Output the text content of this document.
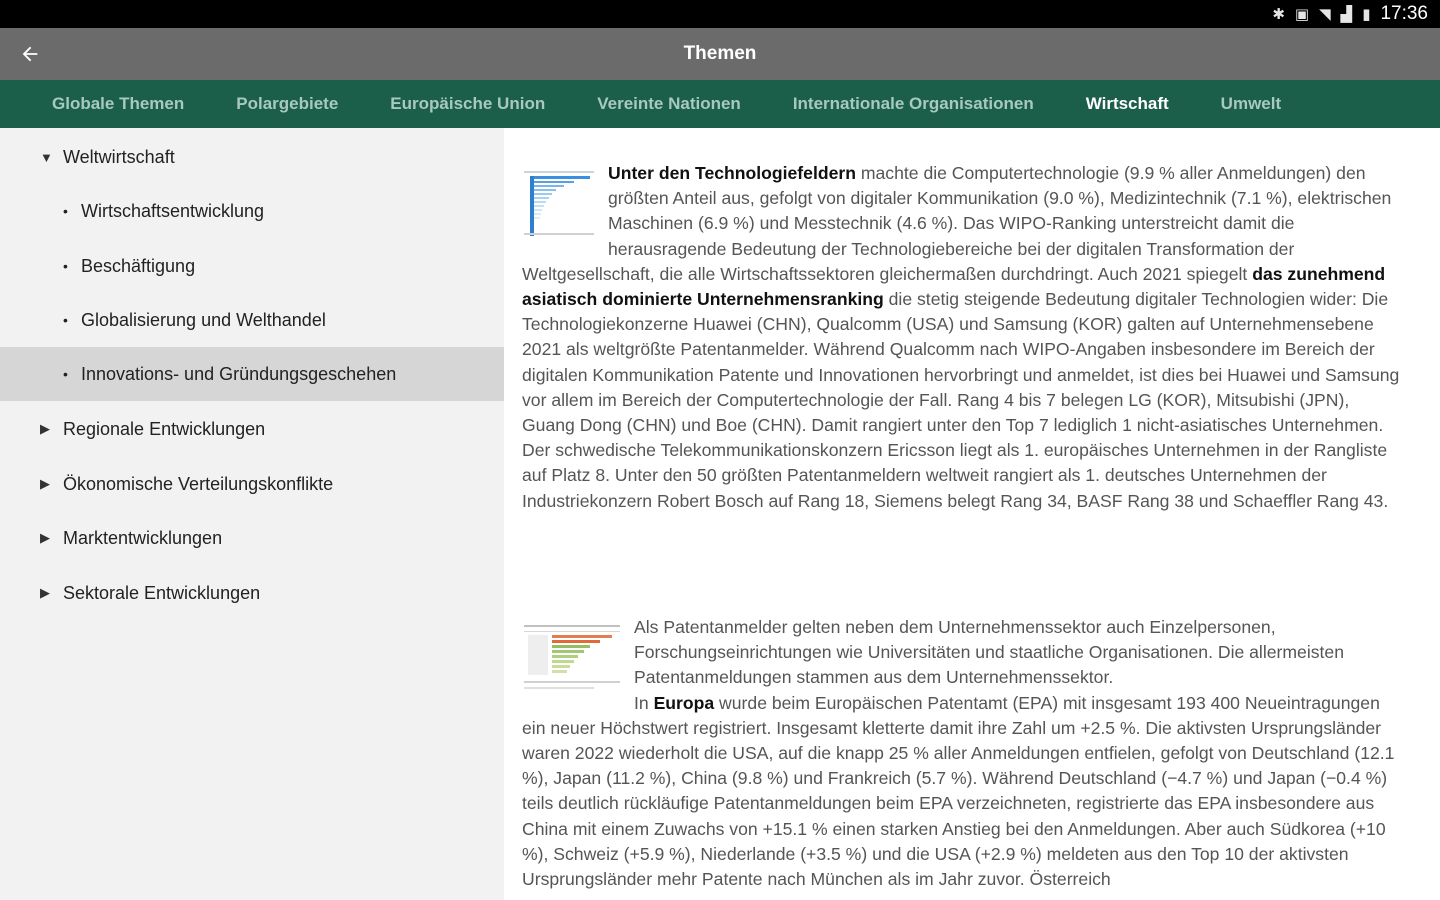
✱ ▣ ◥ ▟ ▮ 17:36
Themen
Globale Themen	Polargebiete	Europäische Union	Vereinte Nationen	Internationale Organisationen	Wirtschaft	Umwelt
▼ Weltwirtschaft
• Wirtschaftsentwicklung
• Beschäftigung
• Globalisierung und Welthandel
• Innovations- und Gründungsgeschehen
▶ Regionale Entwicklungen
▶ Ökonomische Verteilungskonflikte
▶ Marktentwicklungen
▶ Sektorale Entwicklungen
Unter den Technologiefeldern machte die Computertechnologie (9.9 % aller Anmeldungen) den größten Anteil aus, gefolgt von digitaler Kommunikation (9.0 %), Medizintechnik (7.1 %), elektrischen Maschinen (6.9 %) und Messtechnik (4.6 %). Das WIPO-Ranking unterstreicht damit die herausragende Bedeutung der Technologiebereiche bei der digitalen Transformation der Weltgesellschaft, die alle Wirtschaftssektoren gleichermaßen durchdringt. Auch 2021 spiegelt das zunehmend asiatisch dominierte Unternehmensranking die stetig steigende Bedeutung digitaler Technologien wider: Die Technologiekonzerne Huawei (CHN), Qualcomm (USA) und Samsung (KOR) galten auf Unternehmensebene 2021 als weltgrößte Patentanmelder. Während Qualcomm nach WIPO-Angaben insbesondere im Bereich der digitalen Kommunikation Patente und Innovationen hervorbringt und anmeldet, ist dies bei Huawei und Samsung vor allem im Bereich der Computertechnologie der Fall. Rang 4 bis 7 belegen LG (KOR), Mitsubishi (JPN), Guang Dong (CHN) und Boe (CHN). Damit rangiert unter den Top 7 lediglich 1 nicht-asiatisches Unternehmen. Der schwedische Telekommunikationskonzern Ericsson liegt als 1. europäisches Unternehmen in der Rangliste auf Platz 8. Unter den 50 größten Patentanmeldern weltweit rangiert als 1. deutsches Unternehmen der Industriekonzern Robert Bosch auf Rang 18, Siemens belegt Rang 34, BASF Rang 38 und Schaeffler Rang 43.
Als Patentanmelder gelten neben dem Unternehmenssektor auch Einzelpersonen, Forschungseinrichtungen wie Universitäten und staatliche Organisationen. Die allermeisten Patentanmeldungen stammen aus dem Unternehmenssektor.
In Europa wurde beim Europäischen Patentamt (EPA) mit insgesamt 193 400 Neueintragungen ein neuer Höchstwert registriert. Insgesamt kletterte damit ihre Zahl um +2.5 %. Die aktivsten Ursprungsländer waren 2022 wiederholt die USA, auf die knapp 25 % aller Anmeldungen entfielen, gefolgt von Deutschland (12.1 %), Japan (11.2 %), China (9.8 %) und Frankreich (5.7 %). Während Deutschland (−4.7 %) und Japan (−0.4 %) teils deutlich rückläufige Patentanmeldungen beim EPA verzeichneten, registrierte das EPA insbesondere aus China mit einem Zuwachs von +15.1 % einen starken Anstieg bei den Anmeldungen. Aber auch Südkorea (+10 %), Schweiz (+5.9 %), Niederlande (+3.5 %) und die USA (+2.9 %) meldeten aus den Top 10 der aktivsten Ursprungsländer mehr Patente nach München als im Jahr zuvor. Österreich
